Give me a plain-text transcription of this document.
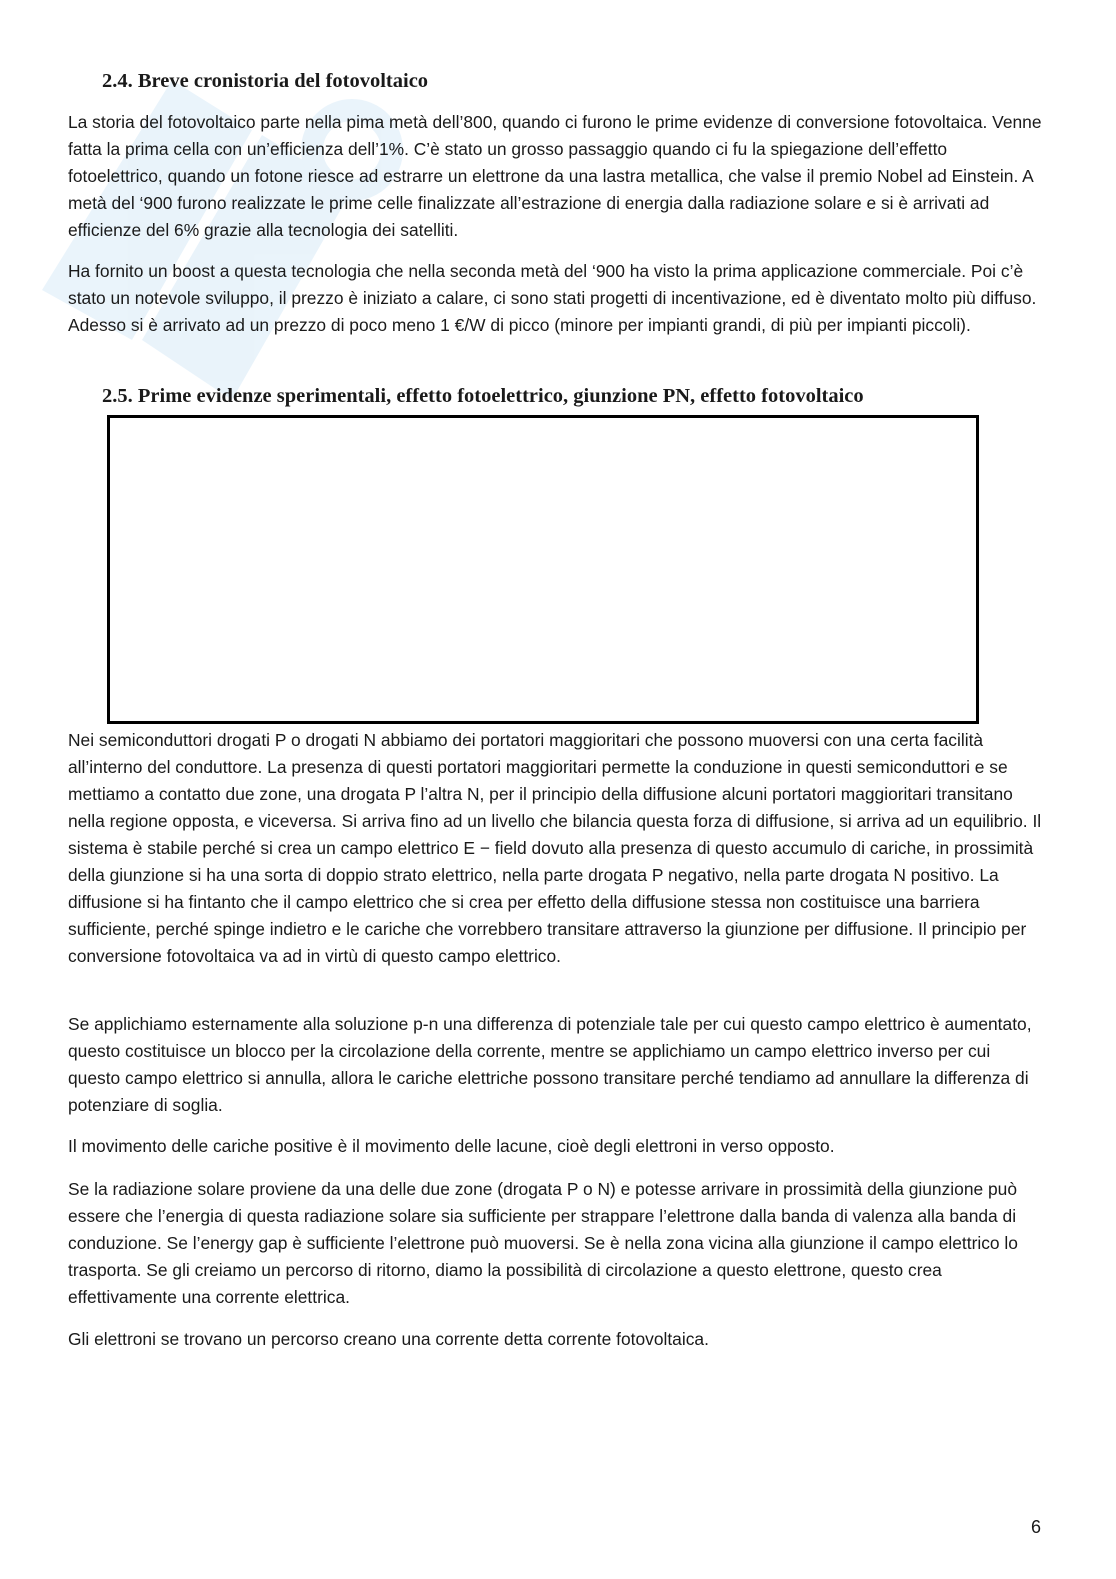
2.4. Breve cronistoria del fotovoltaico

La storia del fotovoltaico parte nella pima metà dell’800, quando ci furono le prime evidenze di conversione fotovoltaica. Venne fatta la prima cella con un’efficienza dell’1%. C’è stato un grosso passaggio quando ci fu la spiegazione dell’effetto fotoelettrico, quando un fotone riesce ad estrarre un elettrone da una lastra metallica, che valse il premio Nobel ad Einstein. A metà del ‘900 furono realizzate le prime celle finalizzate all’estrazione di energia dalla radiazione solare e si è arrivati ad efficienze del 6% grazie alla tecnologia dei satelliti.

Ha fornito un boost a questa tecnologia che nella seconda metà del ‘900 ha visto la prima applicazione commerciale. Poi c’è stato un notevole sviluppo, il prezzo è iniziato a calare, ci sono stati progetti di incentivazione, ed è diventato molto più diffuso. Adesso si è arrivato ad un prezzo di poco meno 1 €/W di picco (minore per impianti grandi, di più per impianti piccoli).

2.5. Prime evidenze sperimentali, effetto fotoelettrico, giunzione PN, effetto fotovoltaico

Nei semiconduttori drogati P o drogati N abbiamo dei portatori maggioritari che possono muoversi con una certa facilità all’interno del conduttore. La presenza di questi portatori maggioritari permette la conduzione in questi semiconduttori e se mettiamo a contatto due zone, una drogata P l’altra N, per il principio della diffusione alcuni portatori maggioritari transitano nella regione opposta, e viceversa. Si arriva fino ad un livello che bilancia questa forza di diffusione, si arriva ad un equilibrio. Il sistema è stabile perché si crea un campo elettrico E − field dovuto alla presenza di questo accumulo di cariche, in prossimità della giunzione si ha una sorta di doppio strato elettrico, nella parte drogata P negativo, nella parte drogata N positivo. La diffusione si ha fintanto che il campo elettrico che si crea per effetto della diffusione stessa non costituisce una barriera sufficiente, perché spinge indietro e le cariche che vorrebbero transitare attraverso la giunzione per diffusione. Il principio per conversione fotovoltaica va ad in virtù di questo campo elettrico.

Se applichiamo esternamente alla soluzione p-n una differenza di potenziale tale per cui questo campo elettrico è aumentato, questo costituisce un blocco per la circolazione della corrente, mentre se applichiamo un campo elettrico inverso per cui questo campo elettrico si annulla, allora le cariche elettriche possono transitare perché tendiamo ad annullare la differenza di potenziare di soglia.

Il movimento delle cariche positive è il movimento delle lacune, cioè degli elettroni in verso opposto.

Se la radiazione solare proviene da una delle due zone (drogata P o N) e potesse arrivare in prossimità della giunzione può essere che l’energia di questa radiazione solare sia sufficiente per strappare l’elettrone dalla banda di valenza alla banda di conduzione. Se l’energy gap è sufficiente l’elettrone può muoversi. Se è nella zona vicina alla giunzione il campo elettrico lo trasporta. Se gli creiamo un percorso di ritorno, diamo la possibilità di circolazione a questo elettrone, questo crea effettivamente una corrente elettrica.

Gli elettroni se trovano un percorso creano una corrente detta corrente fotovoltaica.

6
